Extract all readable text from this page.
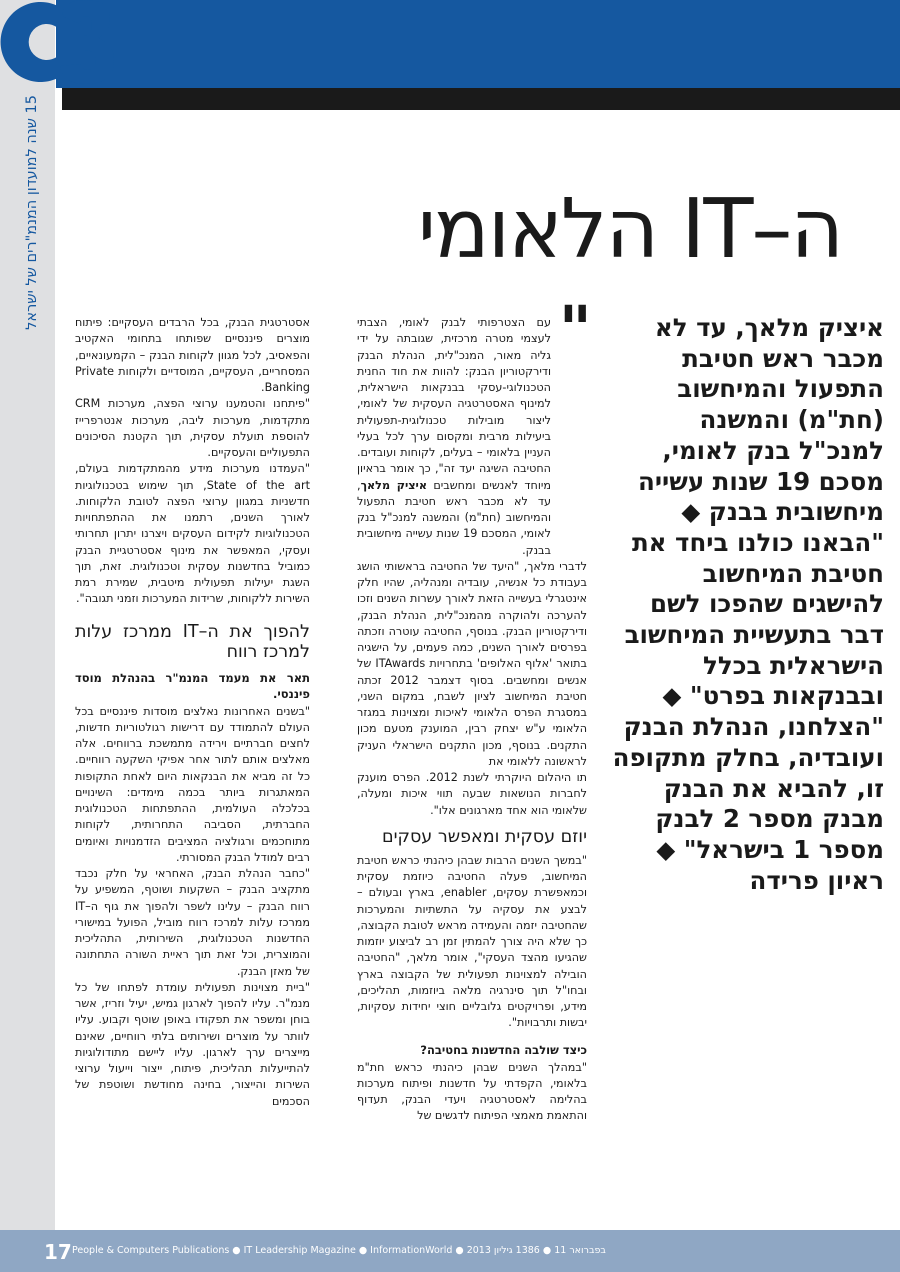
15 שנה למועדון המנמ"רים של ישראל
ה–IT הלאומי
איציק מלאך, עד לא מכבר ראש חטיבת התפעול והמיחשוב (חת"מ) והמשנה למנכ"ל בנק לאומי, מסכם 19 שנות עשייה מיחשובית בבנק ◆ "הבאנו כולנו ביחד את חטיבת המיחשוב להישגים שהפכו לשם דבר בתעשיית המיחשוב הישראלית בכלל ובבנקאות בפרט" ◆ "הצלחנו, הנהלת הבנק ועובדיה, בחלק מתקופה זו, להביא את הבנק מבנק מספר 2 לבנק מספר 1 בישראל" ◆ ראיון פרידה
"

עם הצטרפותי לבנק לאומי, הצבתי לעצמי מטרה מרכזית, שגובתה על ידי גליה מאור, המנכ"לית, הנהלת הבנק ודירקטוריון הבנק: להוות את חוד החנית הטכנולוגי-עסקי בבנקאות הישראלית, למינוף האסטרטגיה העסקית של לאומי, ליצור מובילות טכנולוגית-תפעולית ביעילות מרבית ומקסום ערך לכל בעלי העניין בלאומי – בעלים, לקוחות ועובדים. החטיבה השיגה יעד זה", כך אומר בראיון מיוחד לאנשים ומחשבים איציק מלאך, עד לא מכבר ראש חטיבת התפעול והמיחשוב (חת"מ) והמשנה למנכ"ל בנק לאומי, המסכם 19 שנות עשייה מיחשובית בבנק.

לדברי מלאך, "היעד של החטיבה בראשותי הושג בעבודת כל אנשיה, עובדיה ומנהליה, שהיו חלק אינטגרלי בעשייה הזאת לאורך עשרות השנים וזכו להערכה ולהוקרה מהמנכ"לית, הנהלת הבנק, ודירקטוריון הבנק. בנוסף, החטיבה עוטרה וזכתה בפרסים לאורך השנים, כמה פעמים, על הישגיה בתואר 'אלוף האלופים' בתחרויות ITAwards של אנשים ומחשבים. בסוף דצמבר 2012 זכתה חטיבת המיחשוב לציון לשבח, במקום השני, במסגרת הפרס הלאומי לאיכות ומצוינות במגזר הלאומי ע"ש יצחק רבין, המוענק מטעם מכון התקנים. בנוסף, מכון התקנים הישראלי העניק לראשונה ללאומי את

תו היהלום היוקרתי לשנת 2012. הפרס מוענק לחברות הנושאות שבעה תווי איכות ומעלה, שלאומי הוא אחד מארגונים אלו".

יוזם עסקית ומאפשר עסקים

"במשך השנים הרבות שבהן כיהנתי כראש חטיבת המיחשוב, פעלה החטיבה כיוזמת עסקית וכמאפשרת עסקים, enabler, בארץ ובעולם – לבצע את עסקיה על התשתיות והמערכות שהחטיבה יזמה והעמידה מראש לטובת הקבוצה, כך שלא היה צורך להמתין זמן רב לביצוע יוזמות שהגיעו מהצד העסקי", אומר מלאך, "החטיבה הובילה למצוינות תפעולית של הקבוצה בארץ ובחו"ל תוך סינרגיה מלאה ביוזמות, תהליכים, מידע, ופרויקטים גלובליים חוצי יחידות עסקיות, יבשות ותרבויות".

כיצד שולבה החדשנות בחטיבה?

"במהלך השנים שבהן כיהנתי כראש חת"מ בלאומי, הקפדתי על חדשנות ופיתוח מערכות בהלימה לאסטרטגיה ויעדי הבנק, תעדוף והתאמת מאמצי הפיתוח לדגשים של

אסטרטגית הבנק, בכל הרבדים העסקיים: פיתוח מוצרים פיננסיים שפותחו בתחומי האקטיב והפאסיב, לכל מגוון לקוחות הבנק – הקמעונאיים, המסחריים, העסקיים, המוסדיים ולקוחות Private Banking.

"פיתחנו והטמענו ערוצי הפצה, מערכות CRM מתקדמות, מערכות ליבה, מערכות אנטרפרייז להוספת תועלת עסקית, תוך הקטנת הסיכונים התפעוליים והעסקיים.

"העמדנו מערכות מידע מהמתקדמות בעולם, State of the art, תוך שימוש בטכנולוגיות חדשניות במגוון ערוצי הפצה לטובת הלקוחות. לאורך השנים, רתמנו את ההתפתחויות הטכנולוגיות לקידום העסקים ויצרנו יתרון תחרותי ועסקי, המאפשר את מינוף אסטרטגיית הבנק כמוביל בחדשנות עסקית וטכנולוגית. זאת, תוך השגת יעילות תפעולית מיטבית, שמירת רמת השירות ללקוחות, שרידות המערכות וזמני תגובה".

להפוך את ה–IT ממרכז עלות למרכז רווח
תאר את מעמד המנמ"ר בהנהלת מוסד פיננסי.

"בשנים האחרונות נאלצים מוסדות פיננסיים בכל העולם להתמודד עם דרישות רגולטוריות חדשות, לחצים חברתיים וירידה מתמשכת ברווחים. אלה מאלצים אותם לתור אחר אפיקי השקעה רווחיים. כל זה מביא את הבנקאות היום לאחת התקופות המאתגרות ביותר בכמה מימדים: השינויים בכלכלה העולמית, ההתפתחות הטכנולוגית החברתית, הסביבה התחרותית, לקוחות מתוחכמים ורגולציה המציבים הזדמנויות ואיומים רבים למודל הבנק המסורתי.

"כחבר הנהלת הבנק, האחראי על חלק נכבד מתקציב הבנק – השקעות ושוטף, המשפיע על רווח הבנק – עלינו לשפר ולהפוך את גוף ה–IT ממרכז עלות למרכז רווח מוביל, הפועל במישורי החדשנות הטכנולוגית, השירותית, התהליכית והמוצרית, וכל זאת תוך ראיית השורה התחתונה של מאזן הבנק.

"ביית מצוינות תפעולית עומדת לפתחו של כל מנמ"ר. עליו להפוך לארגון גמיש, יעיל וזריז, אשר בוחן ומשפר את תפקודו באופן שוטף וקבוע. עליו לוותר על מוצרים ושירותים בלתי רווחיים, שאינם מייצרים ערך לארגון. עליו ליישם מתודולוגיות להתייעלות תהליכית, פיתוח, ייצור וייעול ערוצי השירות והייצור, בחינה מחודשת ושוטפת של הסכמים

17 People & Computers Publications ● IT Leadership Magazine ● InformationWorld ● 2013 בפברואר 11 ● 1386 גיליון
